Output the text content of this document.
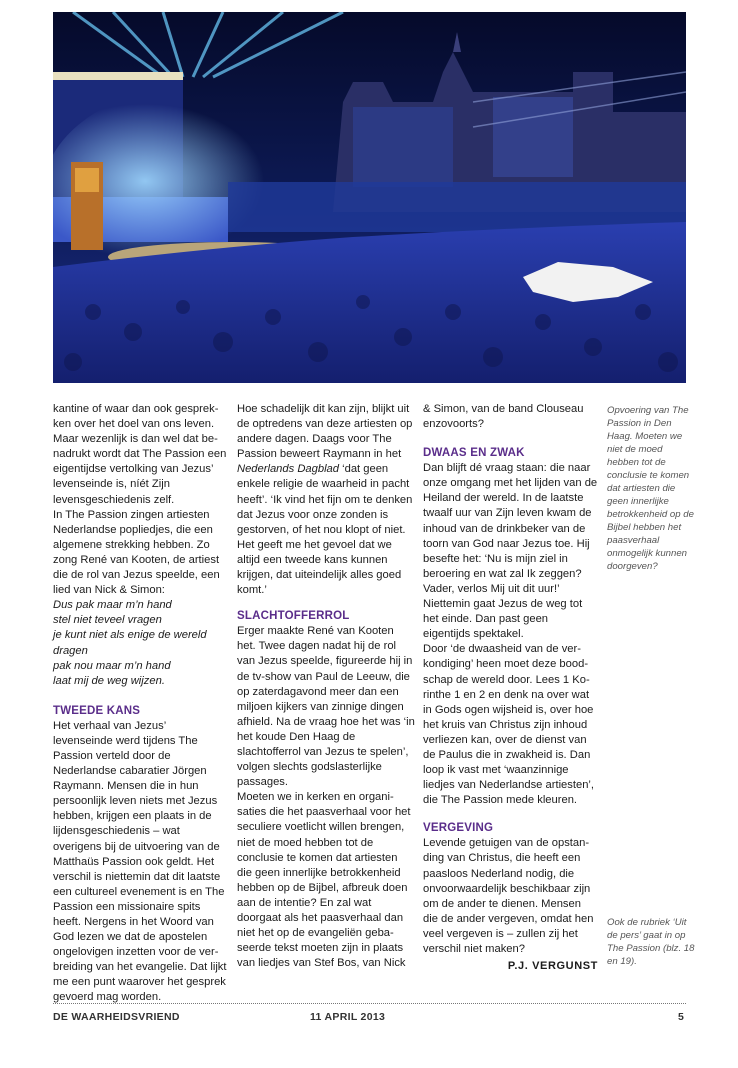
kantine of waar dan ook gesprekken over het doel van ons leven. Maar wezenlijk is dan wel dat benadrukt wordt dat The Passion een eigentijdse vertolking van Jezus’ levenseinde is, níét Zijn levensgeschiedenis zelf.

In The Passion zingen artiesten Nederlandse popliedjes, die een algemene strekking hebben. Zo zong René van Kooten, de artiest die de rol van Jezus speelde, een lied van Nick & Simon:

Dus pak maar m’n hand

stel niet teveel vragen

je kunt niet als enige de wereld dragen

pak nou maar m’n hand

laat mij de weg wijzen.

TWEEDE KANS

Het verhaal van Jezus’ levenseinde werd tijdens The Passion verteld door de Nederlandse cabaratier Jörgen Raymann. Mensen die in hun persoonlijk leven niets met Jezus hebben, krijgen een plaats in de lijdensgeschiedenis – wat overigens bij de uitvoering van de Matthaüs Passion ook geldt. Het verschil is niettemin dat dit laatste een cultureel evenement is en The Passion een missionaire spits heeft. Nergens in het Woord van God lezen we dat de apostelen ongelovigen inzetten voor de verbreiding van het evangelie. Dat lijkt me een punt waarover het gesprek gevoerd mag worden.

Hoe schadelijk dit kan zijn, blijkt uit de optredens van deze artiesten op andere dagen. Daags voor The Passion beweert Raymann in het Nederlands Dagblad ‘dat geen enkele religie de waarheid in pacht heeft’. ‘Ik vind het fijn om te denken dat Jezus voor onze zonden is gestorven, of het nou klopt of niet. Het geeft me het gevoel dat we altijd een tweede kans kunnen krijgen, dat uiteindelijk alles goed komt.’

SLACHTOFFERROL

Erger maakte René van Kooten het. Twee dagen nadat hij de rol van Jezus speelde, figureerde hij in de tv-show van Paul de Leeuw, die op zaterdagavond meer dan een miljoen kijkers van zinnige dingen afhield. Na de vraag hoe het was ‘in het koude Den Haag de slachtofferrol van Jezus te spelen’, volgen slechts godslasterlijke passages.

Moeten we in kerken en organisaties die het paasverhaal voor het seculiere voetlicht willen brengen, niet de moed hebben tot de conclusie te komen dat artiesten die geen innerlijke betrokkenheid hebben op de Bijbel, afbreuk doen aan de intentie? En zal wat doorgaat als het paasverhaal dan niet het op de evangeliën gebaseerde tekst moeten zijn in plaats van liedjes van Stef Bos, van Nick

& Simon, van de band Clouseau enzovoorts?

DWAAS EN ZWAK

Dan blijft dé vraag staan: die naar onze omgang met het lijden van de Heiland der wereld. In de laatste twaalf uur van Zijn leven kwam de inhoud van de drinkbeker van de toorn van God naar Jezus toe. Hij besefte het: ‘Nu is mijn ziel in beroering en wat zal Ik zeggen? Vader, verlos Mij uit dit uur!’ Niettemin gaat Jezus de weg tot het einde. Dan past geen eigentijds spektakel.

Door ‘de dwaasheid van de verkondiging’ heen moet deze boodschap de wereld door. Lees 1 Korinthe 1 en 2 en denk na over wat in Gods ogen wijsheid is, over hoe het kruis van Christus zijn inhoud verliezen kan, over de dienst van de Paulus die in zwakheid is. Dan loop ik vast met ‘waanzinnige liedjes van Nederlandse artiesten’, die The Passion mede kleuren.

VERGEVING

Levende getuigen van de opstanding van Christus, die heeft een paasloos Nederland nodig, die onvoorwaardelijk beschikbaar zijn om de ander te dienen. Mensen die de ander vergeven, omdat hen veel vergeven is – zullen zij het verschil niet maken?

P.J. VERGUNST

Opvoering van The Passion in Den Haag. Moeten we niet de moed hebben tot de conclusie te komen dat artiesten die geen innerlijke betrokkenheid op de Bijbel hebben het paasverhaal onmogelijk kunnen doorgeven?
Ook de rubriek ‘Uit de pers’ gaat in op The Passion (blz. 18 en 19).
DE WAARHEIDSVRIEND	11 APRIL 2013	5
